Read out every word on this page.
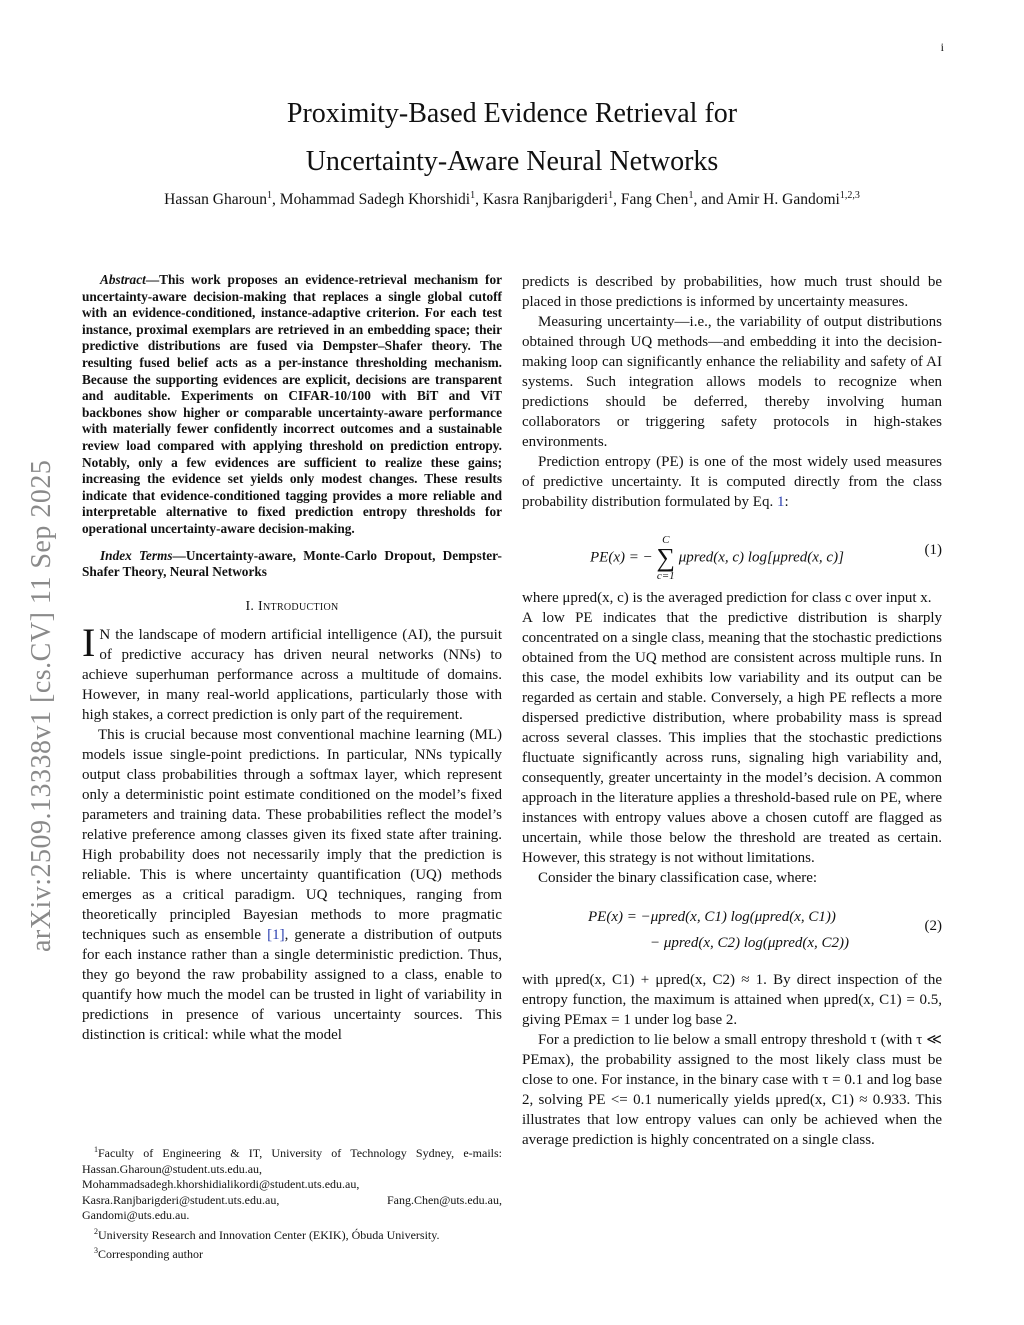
i
arXiv:2509.13338v1 [cs.CV] 11 Sep 2025
Proximity-Based Evidence Retrieval for
Uncertainty-Aware Neural Networks
Hassan Gharoun$^1$, Mohammad Sadegh Khorshidi$^1$, Kasra Ranjbarigderi$^1$, Fang Chen$^1$, and Amir H. Gandomi$^{1,2,3}$

Abstract—This work proposes an evidence-retrieval mechanism for uncertainty-aware decision-making that replaces a single global cutoff with an evidence-conditioned, instance-adaptive criterion. For each test instance, proximal exemplars are retrieved in an embedding space; their predictive distributions are fused via Dempster–Shafer theory. The resulting fused belief acts as a per-instance thresholding mechanism. Because the supporting evidences are explicit, decisions are transparent and auditable. Experiments on CIFAR-10/100 with BiT and ViT backbones show higher or comparable uncertainty-aware performance with materially fewer confidently incorrect outcomes and a sustainable review load compared with applying threshold on prediction entropy. Notably, only a few evidences are sufficient to realize these gains; increasing the evidence set yields only modest changes. These results indicate that evidence-conditioned tagging provides a more reliable and interpretable alternative to fixed prediction entropy thresholds for operational uncertainty-aware decision-making.

Index Terms—Uncertainty-aware, Monte-Carlo Dropout, Dempster-Shafer Theory, Neural Networks

I. Introduction

I N the landscape of modern artificial intelligence (AI), the pursuit of predictive accuracy has driven neural networks (NNs) to achieve superhuman performance across a multitude of domains. However, in many real-world applications, particularly those with high stakes, a correct prediction is only part of the requirement.

This is crucial because most conventional machine learning (ML) models issue single-point predictions. In particular, NNs typically output class probabilities through a softmax layer, which represent only a deterministic point estimate conditioned on the model’s fixed parameters and training data. These probabilities reflect the model’s relative preference among classes given its fixed state after training. High probability does not necessarily imply that the prediction is reliable. This is where uncertainty quantification (UQ) methods emerges as a critical paradigm. UQ techniques, ranging from theoretically principled Bayesian methods to more pragmatic techniques such as ensemble [1], generate a distribution of outputs for each instance rather than a single deterministic prediction. Thus, they go beyond the raw probability assigned to a class, enable to quantify how much the model can be trusted in light of variability in predictions in presence of various uncertainty sources. This distinction is critical: while what the model

predicts is described by probabilities, how much trust should be placed in those predictions is informed by uncertainty measures.

Measuring uncertainty—i.e., the variability of output distributions obtained through UQ methods—and embedding it into the decision-making loop can significantly enhance the reliability and safety of AI systems. Such integration allows models to recognize when predictions should be deferred, thereby involving human collaborators or triggering safety protocols in high-stakes environments.

Prediction entropy (PE) is one of the most widely used measures of predictive uncertainty. It is computed directly from the class probability distribution formulated by Eq. 1:

PE(x) = −
C
∑
c=1
μpred(x, c) log[μpred(x, c)]	(1)

where μpred(x, c) is the averaged prediction for class c over input x.

A low PE indicates that the predictive distribution is sharply concentrated on a single class, meaning that the stochastic predictions obtained from the UQ method are consistent across multiple runs. In this case, the model exhibits low variability and its output can be regarded as certain and stable. Conversely, a high PE reflects a more dispersed predictive distribution, where probability mass is spread across several classes. This implies that the stochastic predictions fluctuate significantly across runs, signaling high variability and, consequently, greater uncertainty in the model’s decision. A common approach in the literature applies a threshold-based rule on PE, where instances with entropy values above a chosen cutoff are flagged as uncertain, while those below the threshold are treated as certain. However, this strategy is not without limitations.

Consider the binary classification case, where:

PE(x) = −μpred(x, C1) log(μpred(x, C1))
− μpred(x, C2) log(μpred(x, C2))
(2)

with μpred(x, C1) + μpred(x, C2) ≈ 1. By direct inspection of the entropy function, the maximum is attained when μpred(x, C1) = 0.5, giving PEmax = 1 under log base 2.

For a prediction to lie below a small entropy threshold τ (with τ ≪ PEmax), the probability assigned to the most likely class must be close to one. For instance, in the binary case with τ = 0.1 and log base 2, solving PE <= 0.1 numerically yields μpred(x, C1) ≈ 0.933. This illustrates that low entropy values can only be achieved when the average prediction is highly concentrated on a single class.

$^1$Faculty of Engineering & IT, University of Technology Sydney, e-mails: Hassan.Gharoun@student.uts.edu.au, Mohammadsadegh.khorshidialikordi@student.uts.edu.au, Kasra.Ranjbarigderi@student.uts.edu.au, Fang.Chen@uts.edu.au, Gandomi@uts.edu.au.

$^2$University Research and Innovation Center (EKIK), Óbuda University.

$^3$Corresponding author
